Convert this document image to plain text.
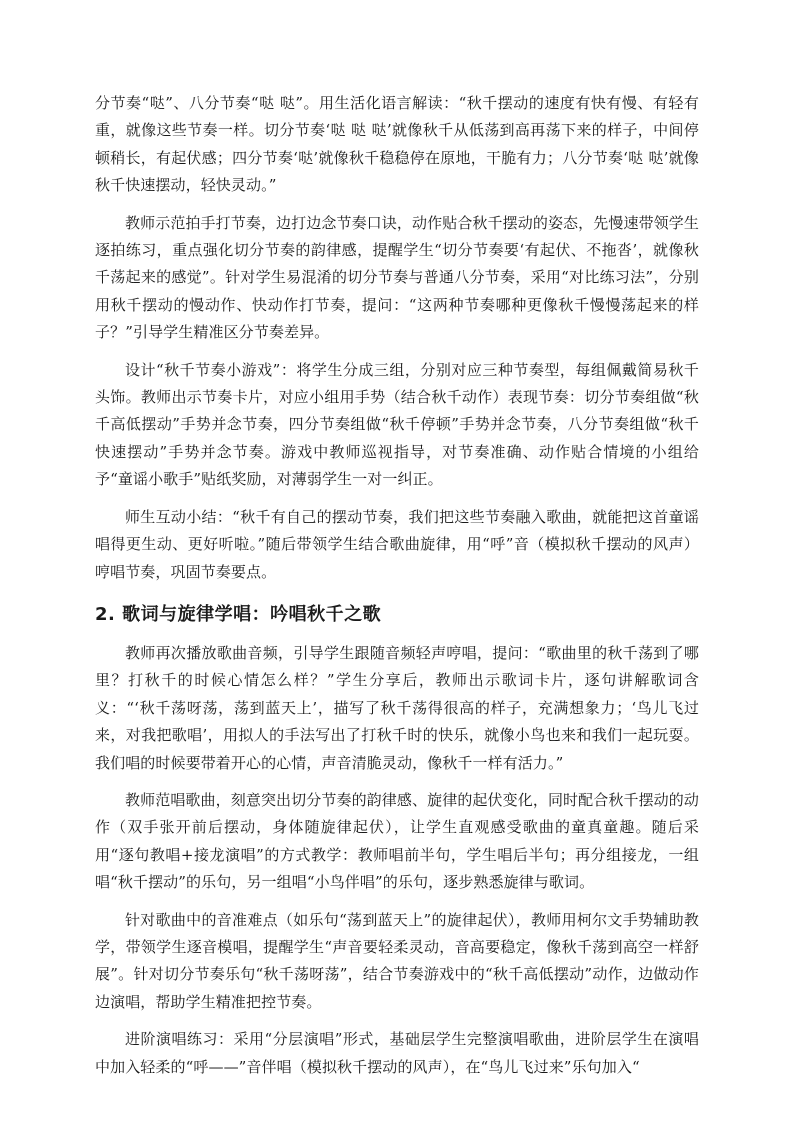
分节奏“哒”、八分节奏“哒 哒”。用生活化语言解读：“秋千摆动的速度有快有慢、有轻有重，就像这些节奏一样。切分节奏‘哒 哒 哒’就像秋千从低荡到高再荡下来的样子，中间停顿稍长，有起伏感；四分节奏‘哒’就像秋千稳稳停在原地，干脆有力；八分节奏‘哒 哒’就像秋千快速摆动，轻快灵动。”

教师示范拍手打节奏，边打边念节奏口诀，动作贴合秋千摆动的姿态，先慢速带领学生逐拍练习，重点强化切分节奏的韵律感，提醒学生“切分节奏要‘有起伏、不拖沓’，就像秋千荡起来的感觉”。针对学生易混淆的切分节奏与普通八分节奏，采用“对比练习法”，分别用秋千摆动的慢动作、快动作打节奏，提问：“这两种节奏哪种更像秋千慢慢荡起来的样子？”引导学生精准区分节奏差异。

设计“秋千节奏小游戏”：将学生分成三组，分别对应三种节奏型，每组佩戴简易秋千头饰。教师出示节奏卡片，对应小组用手势（结合秋千动作）表现节奏：切分节奏组做“秋千高低摆动”手势并念节奏，四分节奏组做“秋千停顿”手势并念节奏，八分节奏组做“秋千快速摆动”手势并念节奏。游戏中教师巡视指导，对节奏准确、动作贴合情境的小组给予“童谣小歌手”贴纸奖励，对薄弱学生一对一纠正。

师生互动小结：“秋千有自己的摆动节奏，我们把这些节奏融入歌曲，就能把这首童谣唱得更生动、更好听啦。”随后带领学生结合歌曲旋律，用“呼”音（模拟秋千摆动的风声）哼唱节奏，巩固节奏要点。

2. 歌词与旋律学唱：吟唱秋千之歌

教师再次播放歌曲音频，引导学生跟随音频轻声哼唱，提问：“歌曲里的秋千荡到了哪里？打秋千的时候心情怎么样？”学生分享后，教师出示歌词卡片，逐句讲解歌词含义：“‘秋千荡呀荡，荡到蓝天上’，描写了秋千荡得很高的样子，充满想象力；‘鸟儿飞过来，对我把歌唱’，用拟人的手法写出了打秋千时的快乐，就像小鸟也来和我们一起玩耍。我们唱的时候要带着开心的心情，声音清脆灵动，像秋千一样有活力。”

教师范唱歌曲，刻意突出切分节奏的韵律感、旋律的起伏变化，同时配合秋千摆动的动作（双手张开前后摆动，身体随旋律起伏），让学生直观感受歌曲的童真童趣。随后采用“逐句教唱+接龙演唱”的方式教学：教师唱前半句，学生唱后半句；再分组接龙，一组唱“秋千摆动”的乐句，另一组唱“小鸟伴唱”的乐句，逐步熟悉旋律与歌词。

针对歌曲中的音准难点（如乐句“荡到蓝天上”的旋律起伏），教师用柯尔文手势辅助教学，带领学生逐音模唱，提醒学生“声音要轻柔灵动，音高要稳定，像秋千荡到高空一样舒展”。针对切分节奏乐句“秋千荡呀荡”，结合节奏游戏中的“秋千高低摆动”动作，边做动作边演唱，帮助学生精准把控节奏。

进阶演唱练习：采用“分层演唱”形式，基础层学生完整演唱歌曲，进阶层学生在演唱中加入轻柔的“呼——”音伴唱（模拟秋千摆动的风声），在“鸟儿飞过来”乐句加入“
